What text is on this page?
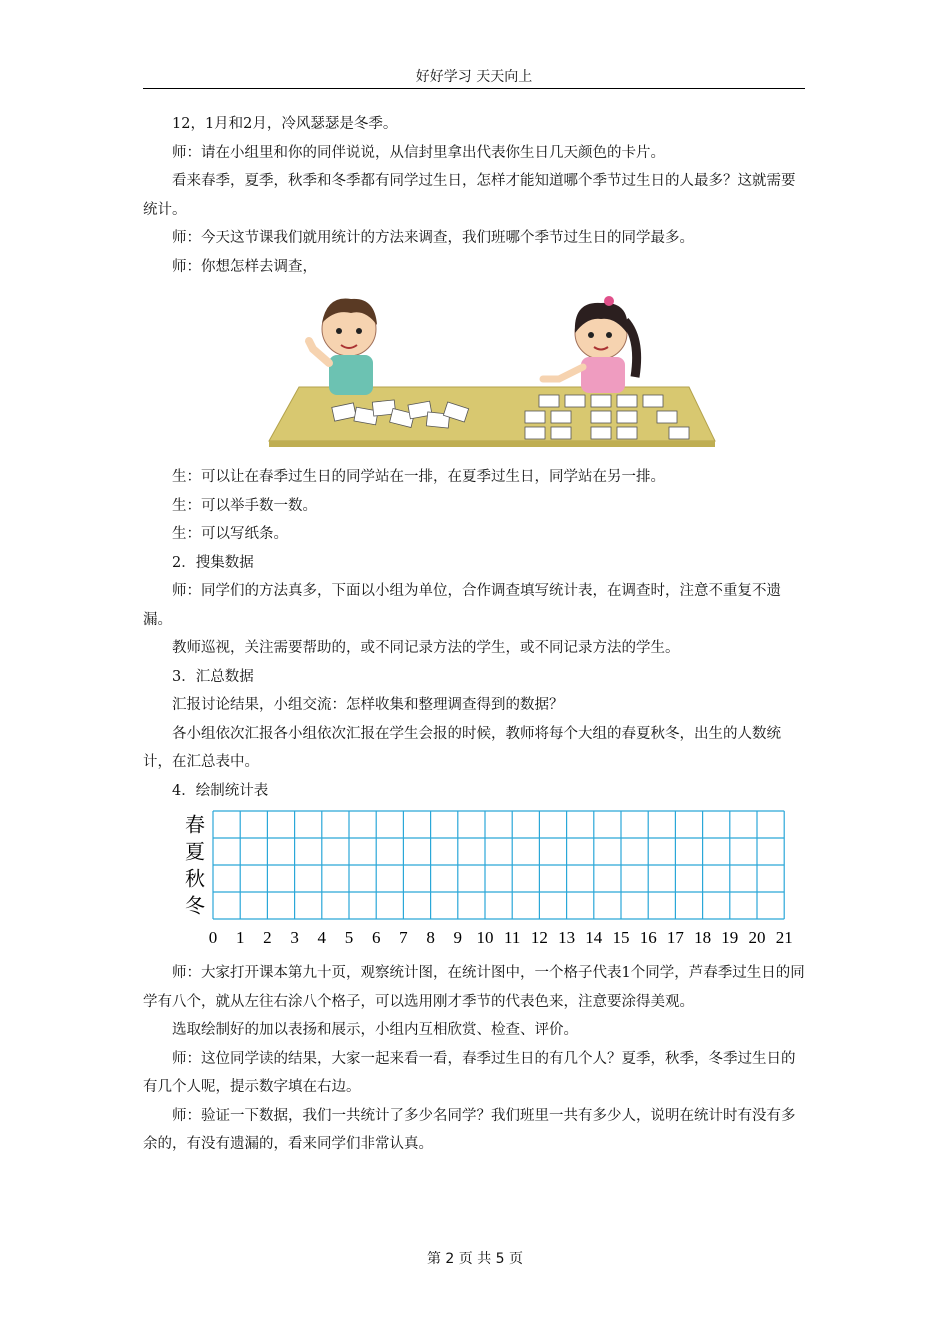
好好学习 天天向上

12，1月和2月，冷风瑟瑟是冬季。

师：请在小组里和你的同伴说说，从信封里拿出代表你生日几天颜色的卡片。

看来春季，夏季，秋季和冬季都有同学过生日，怎样才能知道哪个季节过生日的人最多？这就需要统计。

师：今天这节课我们就用统计的方法来调查，我们班哪个季节过生日的同学最多。

师：你想怎样去调查，

生：可以让在春季过生日的同学站在一排，在夏季过生日，同学站在另一排。

生：可以举手数一数。

生：可以写纸条。

2．搜集数据

师：同学们的方法真多，下面以小组为单位，合作调查填写统计表，在调查时，注意不重复不遗漏。

教师巡视，关注需要帮助的，或不同记录方法的学生，或不同记录方法的学生。

3．汇总数据

汇报讨论结果，小组交流：怎样收集和整理调查得到的数据？

各小组依次汇报各小组依次汇报在学生会报的时候，教师将每个大组的春夏秋冬，出生的人数统计，在汇总表中。

4．绘制统计表

春
夏
秋
冬
0 1 2 3 4 5 6 7 8 9 10 11 12 13 14 15 16 17 18 19 20 21

师：大家打开课本第九十页，观察统计图，在统计图中，一个格子代表1个同学，芦春季过生日的同学有八个，就从左往右涂八个格子，可以选用刚才季节的代表色来，注意要涂得美观。

选取绘制好的加以表扬和展示，小组内互相欣赏、检查、评价。

师：这位同学读的结果，大家一起来看一看，春季过生日的有几个人？夏季，秋季，冬季过生日的有几个人呢，提示数字填在右边。

师：验证一下数据，我们一共统计了多少名同学？我们班里一共有多少人，说明在统计时有没有多余的，有没有遗漏的，看来同学们非常认真。

第 2 页 共 5 页
